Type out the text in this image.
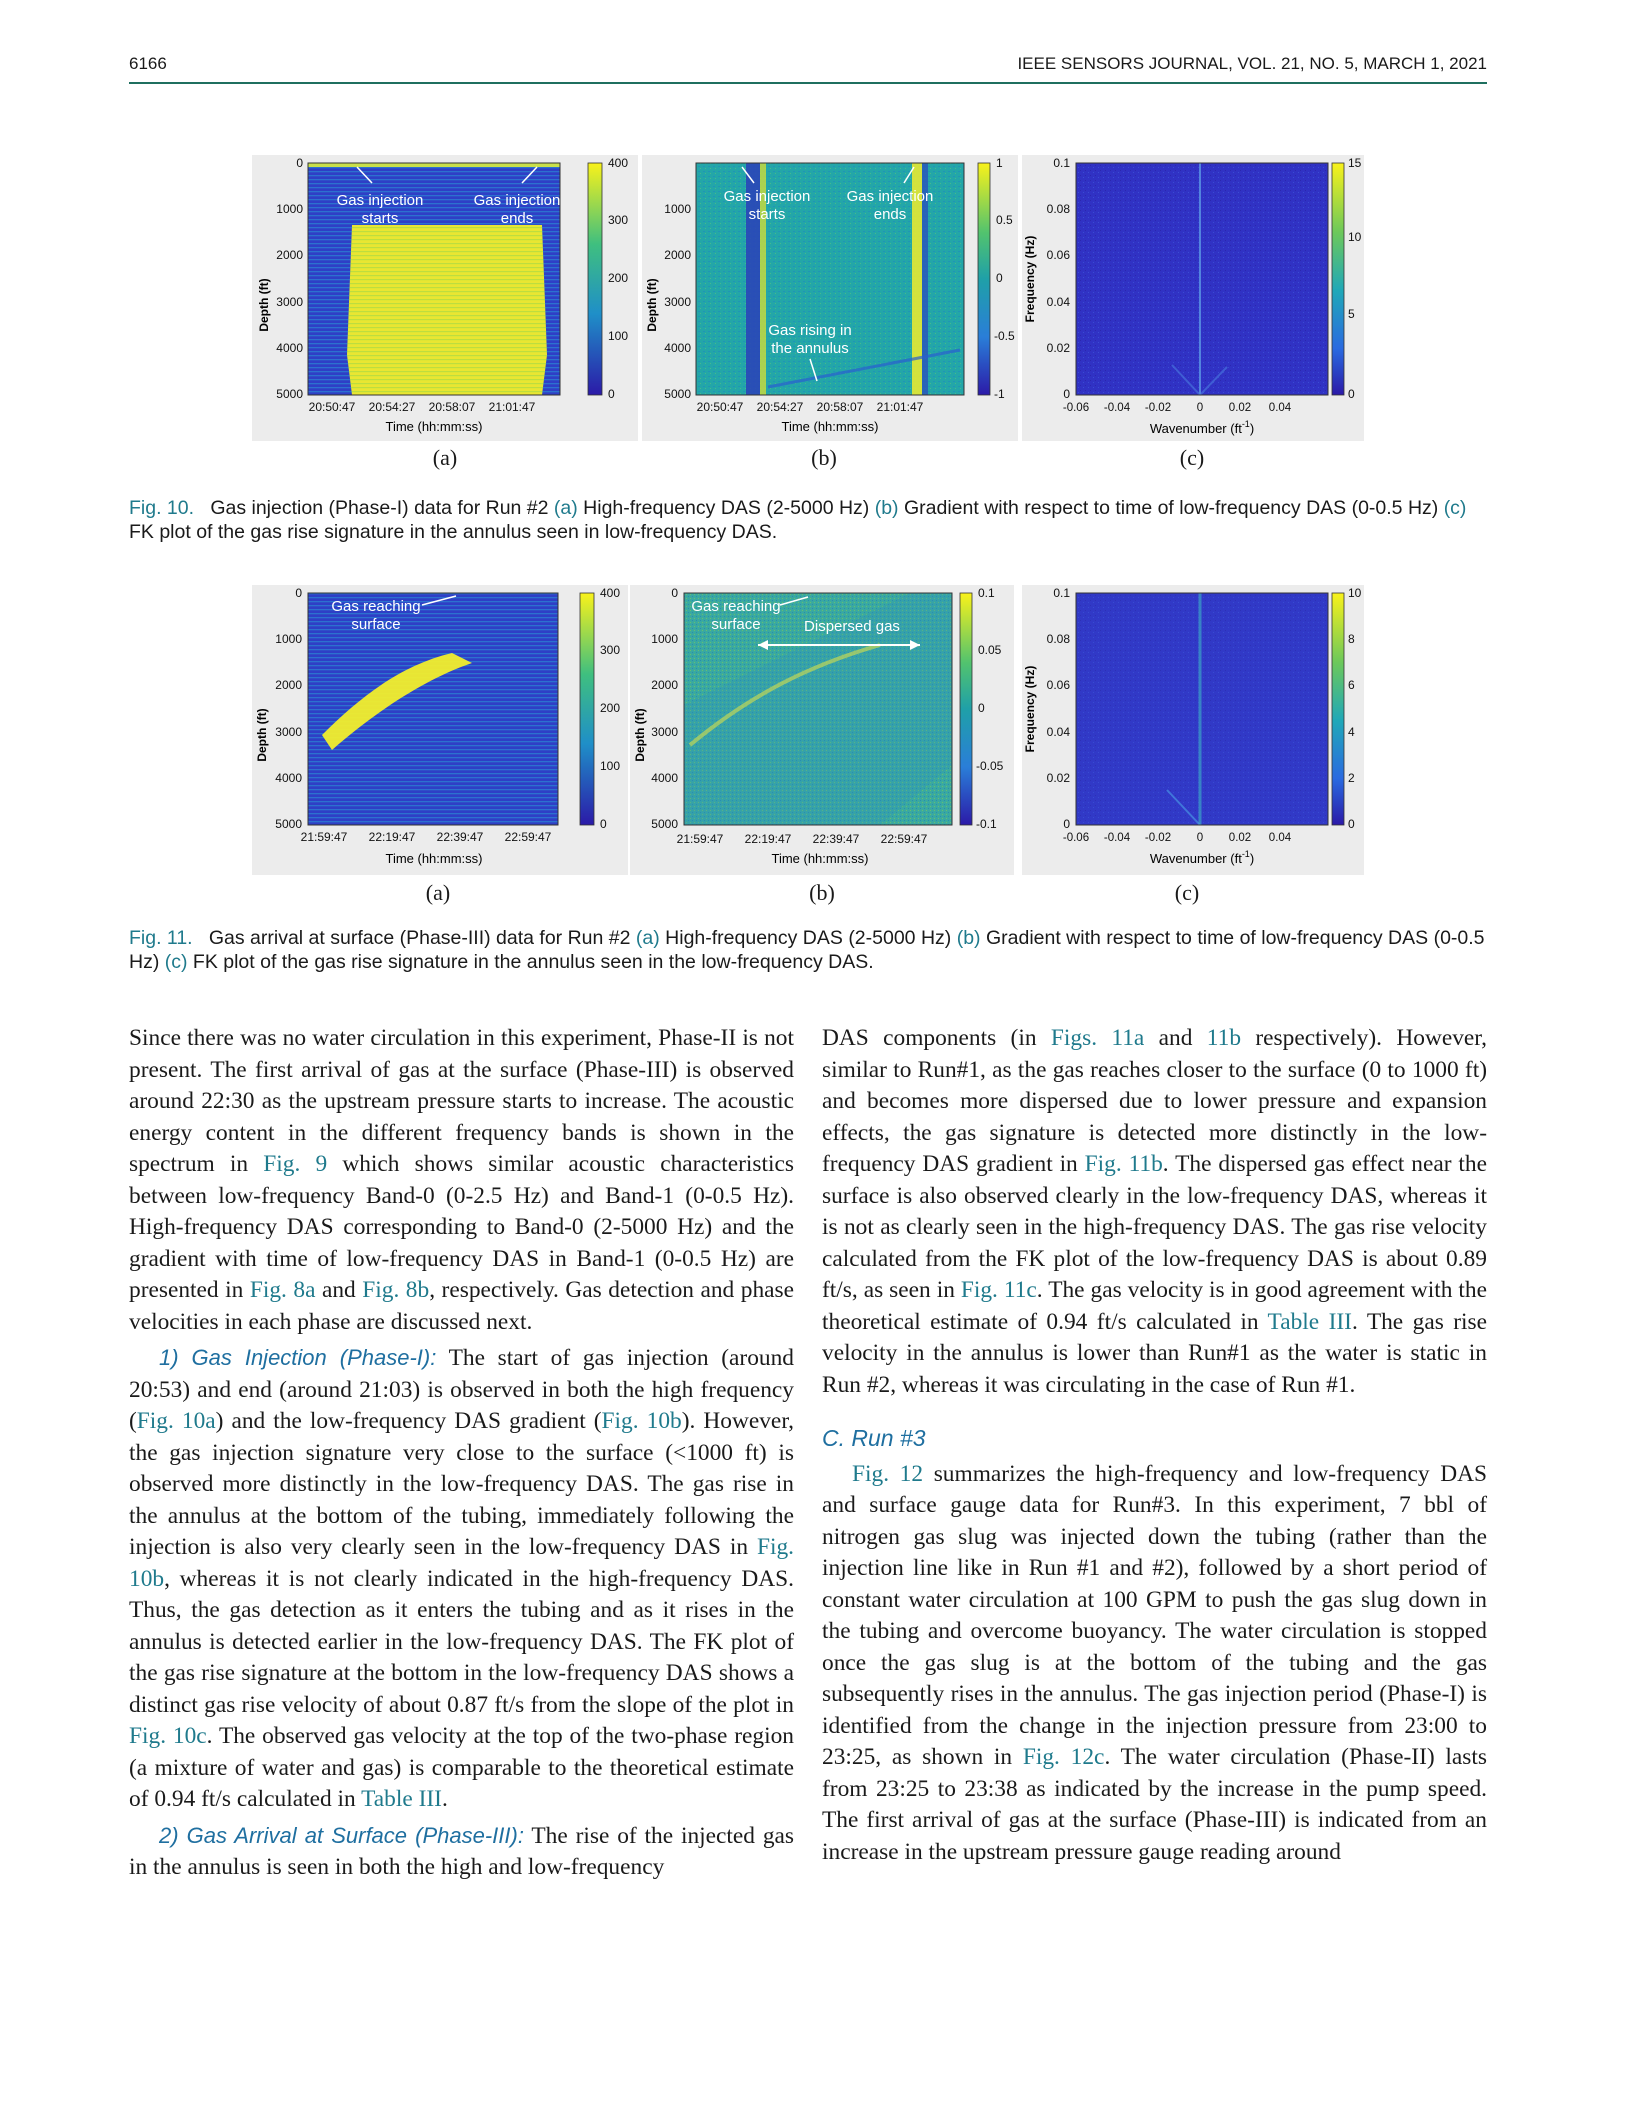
6166	IEEE SENSORS JOURNAL, VOL. 21, NO. 5, MARCH 1, 2021
Gas injection
starts
Gas injection
ends
0
1000
2000
3000
4000
5000
Depth (ft)
20:50:47 20:54:27 20:58:07 21:01:47
Time (hh:mm:ss)
400
300
200
100
0
(a)
Gas injection
starts
Gas injection
ends
Gas rising in
the annulus
1000
2000
3000
4000
5000
Depth (ft)
20:50:47 20:54:27 20:58:07 21:01:47
Time (hh:mm:ss)
1
0.5
0
-0.5
-1
(b)
0.1
0.08
0.06
0.04
0.02
0
Frequency (Hz)
-0.06 -0.04 -0.02 0 0.02 0.04
Wavenumber $(ft^{-1})$
15
10
5
0
(c)
Fig. 10. Gas injection (Phase-I) data for Run #2 (a) High-frequency DAS (2-5000 Hz) (b) Gradient with respect to time of low-frequency DAS (0-0.5 Hz) (c) FK plot of the gas rise signature in the annulus seen in low-frequency DAS.
Gas reaching
surface
0
1000
2000
3000
4000
5000
Depth (ft)
21:59:47 22:19:47 22:39:47 22:59:47
Time (hh:mm:ss)
400
300
200
100
0
(a)
Gas reaching
surface	Dispersed gas
0
1000
2000
3000
4000
5000
Depth (ft)
21:59:47 22:19:47 22:39:47 22:59:47
Time (hh:mm:ss)
0.1
0.05
0
-0.05
-0.1
(b)
0.1
0.08
0.06
0.04
0.02
0
Frequency (Hz)
-0.06 -0.04 -0.02 0 0.02 0.04
Wavenumber $(ft^{-1})$
10
8
6
4
2
0
(c)
Fig. 11. Gas arrival at surface (Phase-III) data for Run #2 (a) High-frequency DAS (2-5000 Hz) (b) Gradient with respect to time of low-frequency DAS (0-0.5 Hz) (c) FK plot of the gas rise signature in the annulus seen in the low-frequency DAS.

Since there was no water circulation in this experiment, Phase-II is not present. The first arrival of gas at the surface (Phase-III) is observed around 22:30 as the upstream pressure starts to increase. The acoustic energy content in the different frequency bands is shown in the spectrum in Fig. 9 which shows similar acoustic characteristics between low-frequency Band-0 (0-2.5 Hz) and Band-1 (0-0.5 Hz). High-frequency DAS corresponding to Band-0 (2-5000 Hz) and the gradient with time of low-frequency DAS in Band-1 (0-0.5 Hz) are presented in Fig. 8a and Fig. 8b, respectively. Gas detection and phase velocities in each phase are discussed next.

1) Gas Injection (Phase-I): The start of gas injection (around 20:53) and end (around 21:03) is observed in both the high frequency (Fig. 10a) and the low-frequency DAS gradient (Fig. 10b). However, the gas injection signature very close to the surface (<1000 ft) is observed more distinctly in the low-frequency DAS. The gas rise in the annulus at the bottom of the tubing, immediately following the injection is also very clearly seen in the low-frequency DAS in Fig. 10b, whereas it is not clearly indicated in the high-frequency DAS. Thus, the gas detection as it enters the tubing and as it rises in the annulus is detected earlier in the low-frequency DAS. The FK plot of the gas rise signature at the bottom in the low-frequency DAS shows a distinct gas rise velocity of about 0.87 ft/s from the slope of the plot in Fig. 10c. The observed gas velocity at the top of the two-phase region (a mixture of water and gas) is comparable to the theoretical estimate of 0.94 ft/s calculated in Table III.

2) Gas Arrival at Surface (Phase-III): The rise of the injected gas in the annulus is seen in both the high and low-frequency

DAS components (in Figs. 11a and 11b respectively). However, similar to Run#1, as the gas reaches closer to the surface (0 to 1000 ft) and becomes more dispersed due to lower pressure and expansion effects, the gas signature is detected more distinctly in the low-frequency DAS gradient in Fig. 11b. The dispersed gas effect near the surface is also observed clearly in the low-frequency DAS, whereas it is not as clearly seen in the high-frequency DAS. The gas rise velocity calculated from the FK plot of the low-frequency DAS is about 0.89 ft/s, as seen in Fig. 11c. The gas velocity is in good agreement with the theoretical estimate of 0.94 ft/s calculated in Table III. The gas rise velocity in the annulus is lower than Run#1 as the water is static in Run #2, whereas it was circulating in the case of Run #1.

C. Run #3

Fig. 12 summarizes the high-frequency and low-frequency DAS and surface gauge data for Run#3. In this experiment, 7 bbl of nitrogen gas slug was injected down the tubing (rather than the injection line like in Run #1 and #2), followed by a short period of constant water circulation at 100 GPM to push the gas slug down in the tubing and overcome buoyancy. The water circulation is stopped once the gas slug is at the bottom of the tubing and the gas subsequently rises in the annulus. The gas injection period (Phase-I) is identified from the change in the injection pressure from 23:00 to 23:25, as shown in Fig. 12c. The water circulation (Phase-II) lasts from 23:25 to 23:38 as indicated by the increase in the pump speed. The first arrival of gas at the surface (Phase-III) is indicated from an increase in the upstream pressure gauge reading around
